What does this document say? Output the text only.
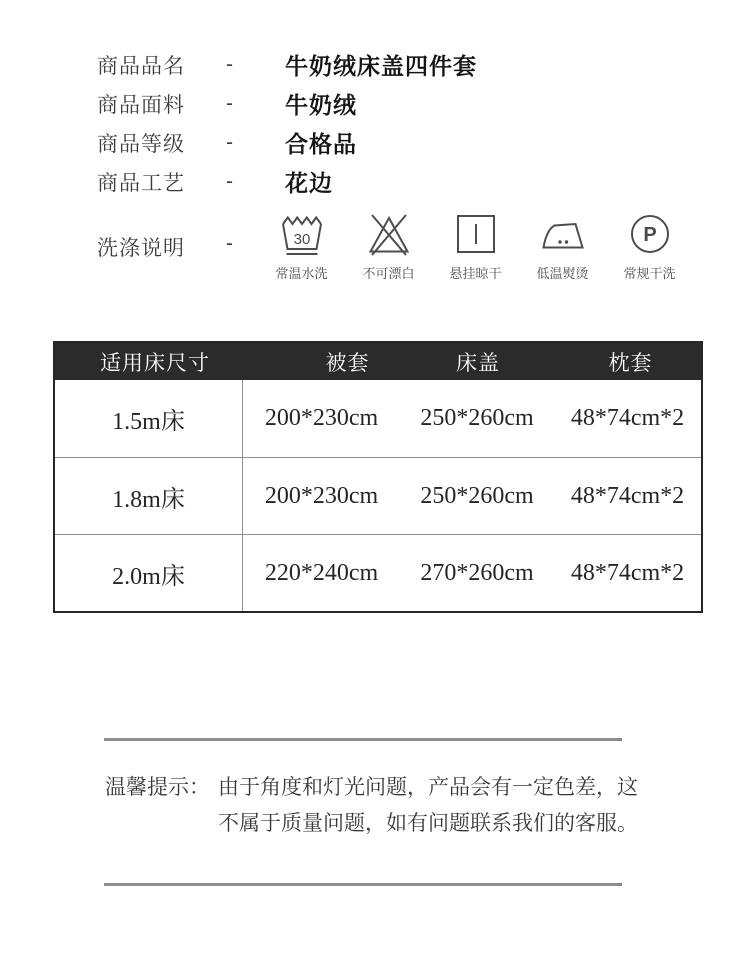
商品品名	-	牛奶绒床盖四件套
商品面料	-	牛奶绒
商品等级	-	合格品
商品工艺	-	花边
洗涤说明 -	30
常温水洗	不可漂白	悬挂晾干	低温熨烫
P
常规干洗
适用床尺寸	被套	床盖	枕套
1.5m床	200*230cm	250*260cm	48*74cm*2
1.8m床	200*230cm	250*260cm	48*74cm*2
2.0m床	220*240cm	270*260cm	48*74cm*2
温馨提示： 由于角度和灯光问题，产品会有一定色差，这
不属于质量问题，如有问题联系我们的客服。
